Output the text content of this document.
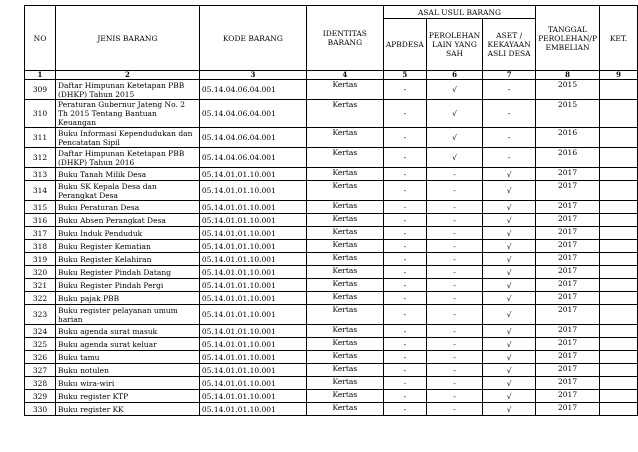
NO	JENIS BARANG	KODE BARANG	IDENTITAS BARANG	ASAL USUL BARANG			TANGGAL PEROLEHAN/P EMBELIAN	KET.
				APBDESA	PEROLEHAN LAIN YANG SAH	ASET / KEKAYAAN ASLI DESA		
1	2	3	4	5	6	7	8	9
309	Daftar Himpunan Ketetapan PBB (DHKP) Tahun 2015	05.14.04.06.04.001	Kertas	-	√	-	2015	
310	Peraturan Gubernur Jateng No. 2 Th 2015 Tentang Bantuan Keuangan	05.14.04.06.04.001	Kertas	-	√	-	2015	
311	Buku Informasi Kependudukan dan Pencatatan Sipil	05.14.04.06.04.001	Kertas	-	√	-	2016	
312	Daftar Himpunan Ketetapan PBB (DHKP) Tahun 2016	05.14.04.06.04.001	Kertas	-	√	-	2016	
313	Buku Tanah Milik Desa	05.14.01.01.10.001	Kertas	-	-	√	2017	
314	Buku SK Kepala Desa dan Perangkat Desa	05.14.01.01.10.001	Kertas	-	-	√	2017	
315	Buku Peraturan Desa	05.14.01.01.10.001	Kertas	-	-	√	2017	
316	Buku Absen Perangkat Desa	05.14.01.01.10.001	Kertas	-	-	√	2017	
317	Buku Induk Penduduk	05.14.01.01.10.001	Kertas	-	-	√	2017	
318	Buku Register Kematian	05.14.01.01.10.001	Kertas	-	-	√	2017	
319	Buku Register Kelahiran	05.14.01.01.10.001	Kertas	-	-	√	2017	
320	Buku Register Pindah Datang	05.14.01.01.10.001	Kertas	-	-	√	2017	
321	Buku Register Pindah Pergi	05.14.01.01.10.001	Kertas	-	-	√	2017	
322	Buku pajak PBB	05.14.01.01.10.001	Kertas	-	-	√	2017	
323	Buku register pelayanan umum harian	05.14.01.01.10.001	Kertas	-	-	√	2017	
324	Buku agenda surat masuk	05.14.01.01.10.001	Kertas	-	-	√	2017	
325	Buku agenda surat keluar	05.14.01.01.10.001	Kertas	-	-	√	2017	
326	Buku tamu	05.14.01.01.10.001	Kertas	-	-	√	2017	
327	Buku notulen	05.14.01.01.10.001	Kertas	-	-	√	2017	
328	Buku wira-wiri	05.14.01.01.10.001	Kertas	-	-	√	2017	
329	Buku register KTP	05.14.01.01.10.001	Kertas	-	-	√	2017	
330	Buku register KK	05.14.01.01.10.001	Kertas	-	-	√	2017	
